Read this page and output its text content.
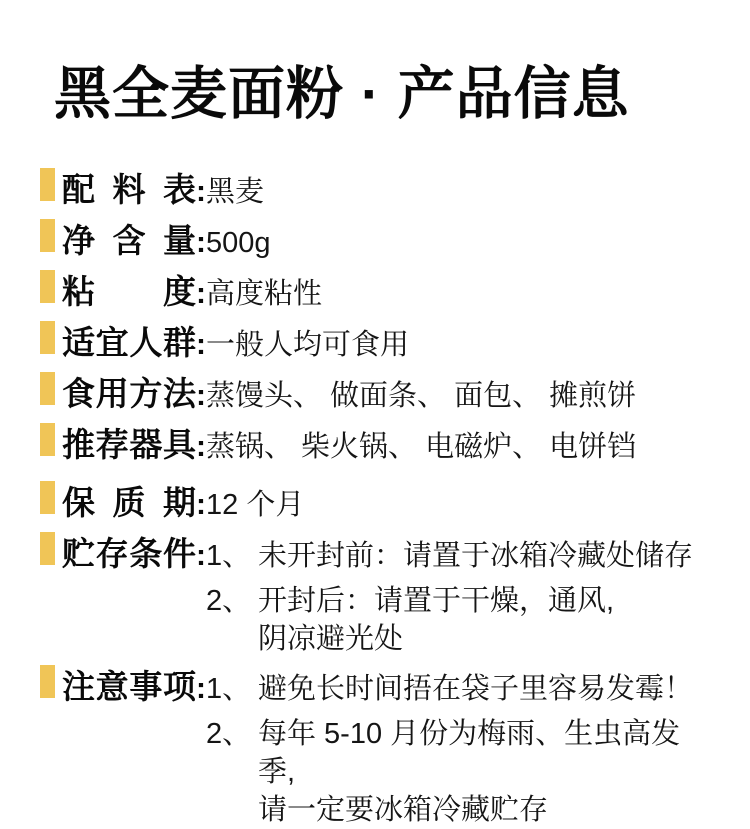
黑全麦面粉 · 产品信息
配料表: 黑麦
净含量: 500g
粘度: 高度粘性
适宜人群: 一般人均可食用
食用方法: 蒸馒头、 做面条、 面包、 摊煎饼
推荐器具: 蒸锅、 柴火锅、 电磁炉、 电饼铛
保质期: 12 个月
贮存条件: 1、 未开封前：请置于冰箱冷藏处储存
2、 开封后：请置于干燥，通风,
阴凉避光处
注意事项: 1、 避免长时间捂在袋子里容易发霉！
2、 每年 5-10 月份为梅雨、生虫高发季,
请一定要冰箱冷藏贮存
